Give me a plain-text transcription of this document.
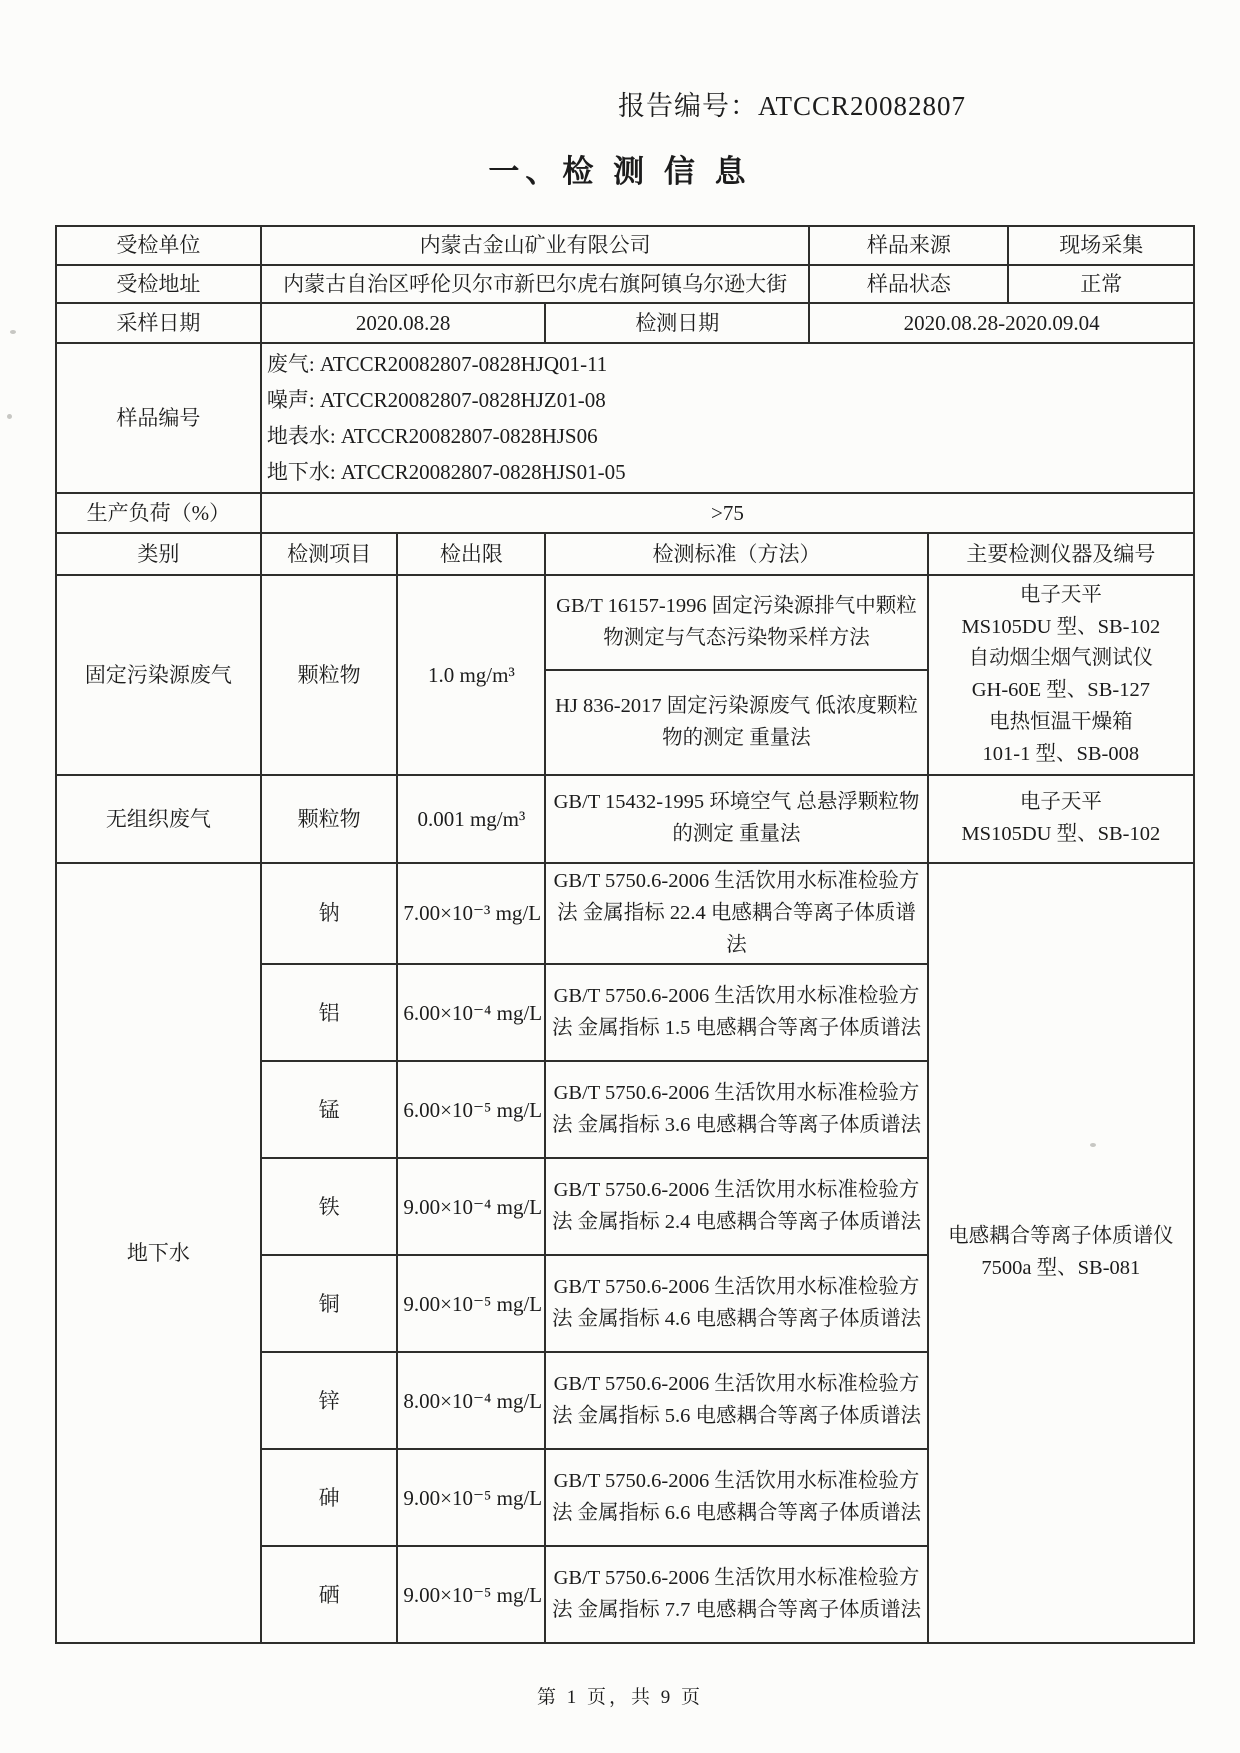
报告编号：ATCCR20082807
一、检 测 信 息
受检单位	内蒙古金山矿业有限公司			样品来源		现场采集
受检地址	内蒙古自治区呼伦贝尔市新巴尔虎右旗阿镇乌尔逊大街			样品状态		正常
采样日期	2020.08.28		检测日期	2020.08.28-2020.09.04		
样品编号	废气: ATCCR20082807-0828HJQ01-11
噪声: ATCCR20082807-0828HJZ01-08
地表水: ATCCR20082807-0828HJS06
地下水: ATCCR20082807-0828HJS01-05					

生产负荷（%）	>75					
类别	检测项目	检出限	检测标准（方法）		主要检测仪器及编号	
固定污染源废气	颗粒物	1.0 mg/m³	GB/T 16157-1996 固定污染源排气中颗粒物测定与气态污染物采样方法	
电子天平
MS105DU 型、SB-102
自动烟尘烟气测试仪
GH-60E 型、SB-127
电热恒温干燥箱
101-1 型、SB-008

			HJ 836-2017 固定污染源废气 低浓度颗粒物的测定 重量法			
无组织废气	颗粒物	0.001 mg/m³	GB/T 15432-1995 环境空气 总悬浮颗粒物的测定 重量法		电子天平
MS105DU 型、SB-102	

地下水	钠	7.00×10⁻³ mg/L	GB/T 5750.6-2006 生活饮用水标准检验方法 金属指标 22.4 电感耦合等离子体质谱法		电感耦合等离子体质谱仪
7500a 型、SB-081	

	铝	6.00×10⁻⁴ mg/L	GB/T 5750.6-2006 生活饮用水标准检验方法 金属指标 1.5 电感耦合等离子体质谱法			
	锰	6.00×10⁻⁵ mg/L	GB/T 5750.6-2006 生活饮用水标准检验方法 金属指标 3.6 电感耦合等离子体质谱法			
	铁	9.00×10⁻⁴ mg/L	GB/T 5750.6-2006 生活饮用水标准检验方法 金属指标 2.4 电感耦合等离子体质谱法			
	铜	9.00×10⁻⁵ mg/L	GB/T 5750.6-2006 生活饮用水标准检验方法 金属指标 4.6 电感耦合等离子体质谱法			
	锌	8.00×10⁻⁴ mg/L	GB/T 5750.6-2006 生活饮用水标准检验方法 金属指标 5.6 电感耦合等离子体质谱法			
	砷	9.00×10⁻⁵ mg/L	GB/T 5750.6-2006 生活饮用水标准检验方法 金属指标 6.6 电感耦合等离子体质谱法			
	硒	9.00×10⁻⁵ mg/L	GB/T 5750.6-2006 生活饮用水标准检验方法 金属指标 7.7 电感耦合等离子体质谱法			
第 1 页，共 9 页
